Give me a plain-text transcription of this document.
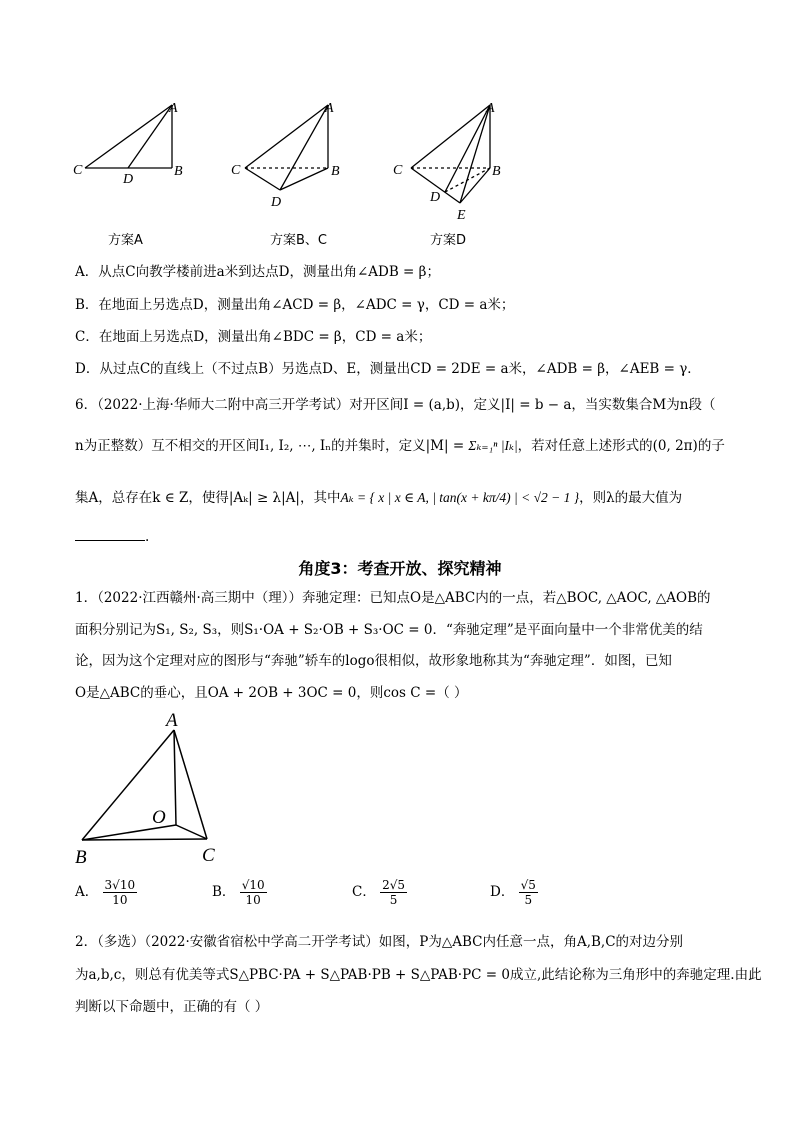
A
C	B
D
方案A
A
C	B
D
方案B、C
A
C	B
D
E
方案D
A．从点C向教学楼前进a米到达点D，测量出角∠ADB = β；
B．在地面上另选点D，测量出角∠ACD = β，∠ADC = γ，CD = a米；
C．在地面上另选点D，测量出角∠BDC = β，CD = a米；
D．从过点C的直线上（不过点B）另选点D、E，测量出CD = 2DE = a米，∠ADB = β，∠AEB = γ．
6．（2022·上海·华师大二附中高三开学考试）对开区间I = (a,b)，定义|I| = b − a，当实数集合M为n段（
n为正整数）互不相交的开区间I₁, I₂, ⋯, Iₙ的并集时，定义|M| = Σₖ₌₁ⁿ |Iₖ|，若对任意上述形式的(0, 2π)的子
集A，总存在k ∈ Z，使得|Aₖ| ≥ λ|A|，其中Aₖ = { x | x ∈ A, | tan(x + kπ/4) | < √2 − 1 }，则λ的最大值为
.
角度3：考查开放、探究精神
1．（2022·江西赣州·高三期中（理））奔驰定理：已知点O是△ABC内的一点，若△BOC, △AOC, △AOB的
面积分别记为S₁, S₂, S₃，则S₁·OA + S₂·OB + S₃·OC = 0．“奔驰定理”是平面向量中一个非常优美的结
论，因为这个定理对应的图形与“奔驰”轿车的logo很相似，故形象地称其为“奔驰定理”．如图，已知
O是△ABC的垂心，且OA + 2OB + 3OC = 0，则cos C =（ ）
A
B	C
O
A． $\frac{3√10}{10}$	B． $\frac{√10}{10}$	C． $\frac{2√5}{5}$	D． $\frac{√5}{5}$
2．（多选）（2022·安徽省宿松中学高二开学考试）如图，P为△ABC内任意一点，角A,B,C的对边分别
为a,b,c，则总有优美等式S△PBC·PA + S△PAB·PB + S△PAB·PC = 0成立,此结论称为三角形中的奔驰定理.由此
判断以下命题中，正确的有（ ）
